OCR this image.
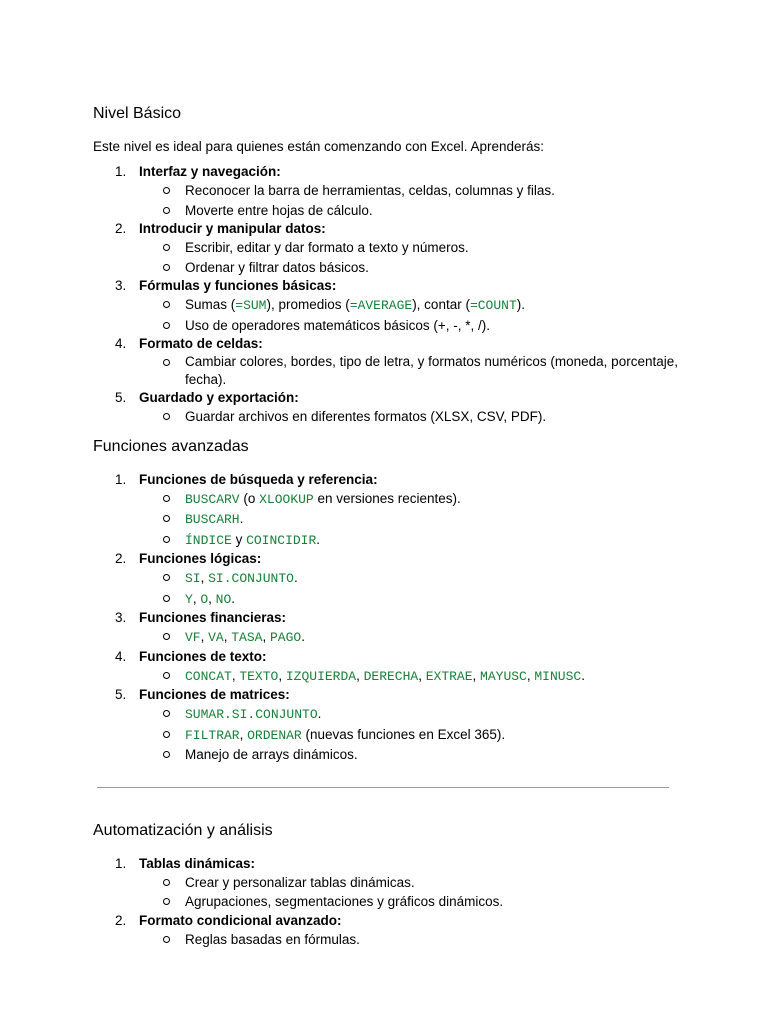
Nivel Básico

Este nivel es ideal para quienes están comenzando con Excel. Aprenderás:

1. Interfaz y navegación:
Reconocer la barra de herramientas, celdas, columnas y filas.
Moverte entre hojas de cálculo.
2. Introducir y manipular datos:
Escribir, editar y dar formato a texto y números.
Ordenar y filtrar datos básicos.
3. Fórmulas y funciones básicas:
Sumas (=SUM), promedios (=AVERAGE), contar (=COUNT).
Uso de operadores matemáticos básicos (+, -, *, /).
4. Formato de celdas:
Cambiar colores, bordes, tipo de letra, y formatos numéricos (moneda, porcentaje, fecha).
5. Guardado y exportación:
Guardar archivos en diferentes formatos (XLSX, CSV, PDF).
Funciones avanzadas
1. Funciones de búsqueda y referencia:
BUSCARV (o XLOOKUP en versiones recientes).
BUSCARH.
ÍNDICE y COINCIDIR.
2. Funciones lógicas:
SI, SI.CONJUNTO.
Y, O, NO.
3. Funciones financieras:
VF, VA, TASA, PAGO.
4. Funciones de texto:
CONCAT, TEXTO, IZQUIERDA, DERECHA, EXTRAE, MAYUSC, MINUSC.
5. Funciones de matrices:
SUMAR.SI.CONJUNTO.
FILTRAR, ORDENAR (nuevas funciones en Excel 365).
Manejo de arrays dinámicos.
Automatización y análisis
1. Tablas dinámicas:
Crear y personalizar tablas dinámicas.
Agrupaciones, segmentaciones y gráficos dinámicos.
2. Formato condicional avanzado:
Reglas basadas en fórmulas.
